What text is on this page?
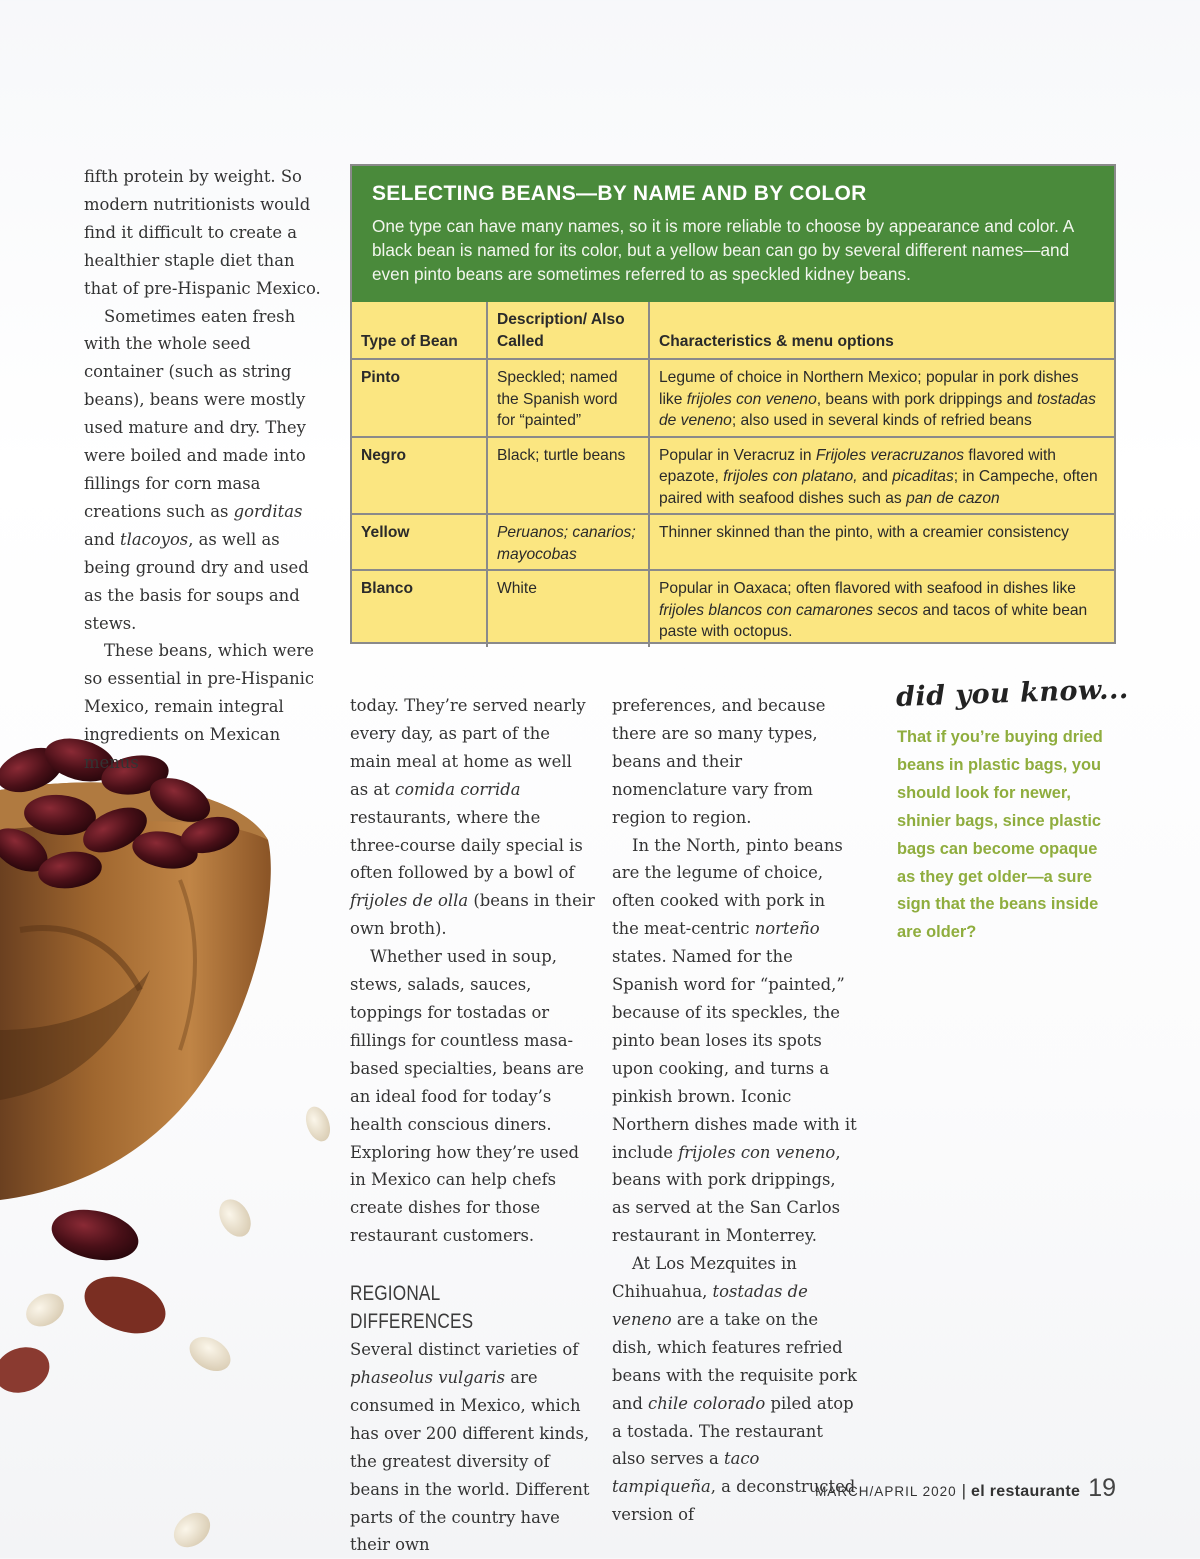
fifth protein by weight. So modern nutritionists would find it difficult to create a healthier staple diet than that of pre-Hispanic Mexico.

Sometimes eaten fresh with the whole seed container (such as string beans), beans were mostly used mature and dry. They were boiled and made into fillings for corn masa creations such as gorditas and tlacoyos, as well as being ground dry and used as the basis for soups and stews.

These beans, which were so essential in pre-Hispanic Mexico, remain integral ingredients on Mexican menus

SELECTING BEANS—BY NAME AND BY COLOR
One type can have many names, so it is more reliable to choose by appearance and color. A black bean is named for its color, but a yellow bean can go by several different names—and even pinto beans are sometimes referred to as speckled kidney beans.
Type of Bean	Description/ Also Called	Characteristics & menu options
Pinto	Speckled; named the Spanish word for “painted”	Legume of choice in Northern Mexico; popular in pork dishes like frijoles con veneno, beans with pork drippings and tostadas de veneno; also used in several kinds of refried beans
Negro	Black; turtle beans	Popular in Veracruz in Frijoles veracruzanos flavored with epazote, frijoles con platano, and picaditas; in Campeche, often paired with seafood dishes such as pan de cazon
Yellow	Peruanos; canarios; mayocobas	Thinner skinned than the pinto, with a creamier consistency
Blanco	White	Popular in Oaxaca; often flavored with seafood in dishes like frijoles blancos con camarones secos and tacos of white bean paste with octopus.

today. They’re served nearly every day, as part of the main meal at home as well as at comida corrida restaurants, where the three-course daily special is often followed by a bowl of frijoles de olla (beans in their own broth).

Whether used in soup, stews, salads, sauces, toppings for tostadas or fillings for countless masa-based specialties, beans are an ideal food for today’s health conscious diners. Exploring how they’re used in Mexico can help chefs create dishes for those restaurant customers.

REGIONAL DIFFERENCES

Several distinct varieties of phaseolus vulgaris are consumed in Mexico, which has over 200 different kinds, the greatest diversity of beans in the world. Different parts of the country have their own

preferences, and because there are so many types, beans and their nomenclature vary from region to region.

In the North, pinto beans are the legume of choice, often cooked with pork in the meat-centric norteño states. Named for the Spanish word for “painted,” because of its speckles, the pinto bean loses its spots upon cooking, and turns a pinkish brown. Iconic Northern dishes made with it include frijoles con veneno, beans with pork drippings, as served at the San Carlos restaurant in Monterrey.

At Los Mezquites in Chihuahua, tostadas de veneno are a take on the dish, which features refried beans with the requisite pork and chile colorado piled atop a tostada. The restaurant also serves a taco tampiqueña, a deconstructed version of

did you know...
That if you’re buying dried beans in plastic bags, you should look for newer, shinier bags, since plastic bags can become opaque as they get older—a sure sign that the beans inside are older?
MARCH/APRIL 2020 | el restaurante 19
